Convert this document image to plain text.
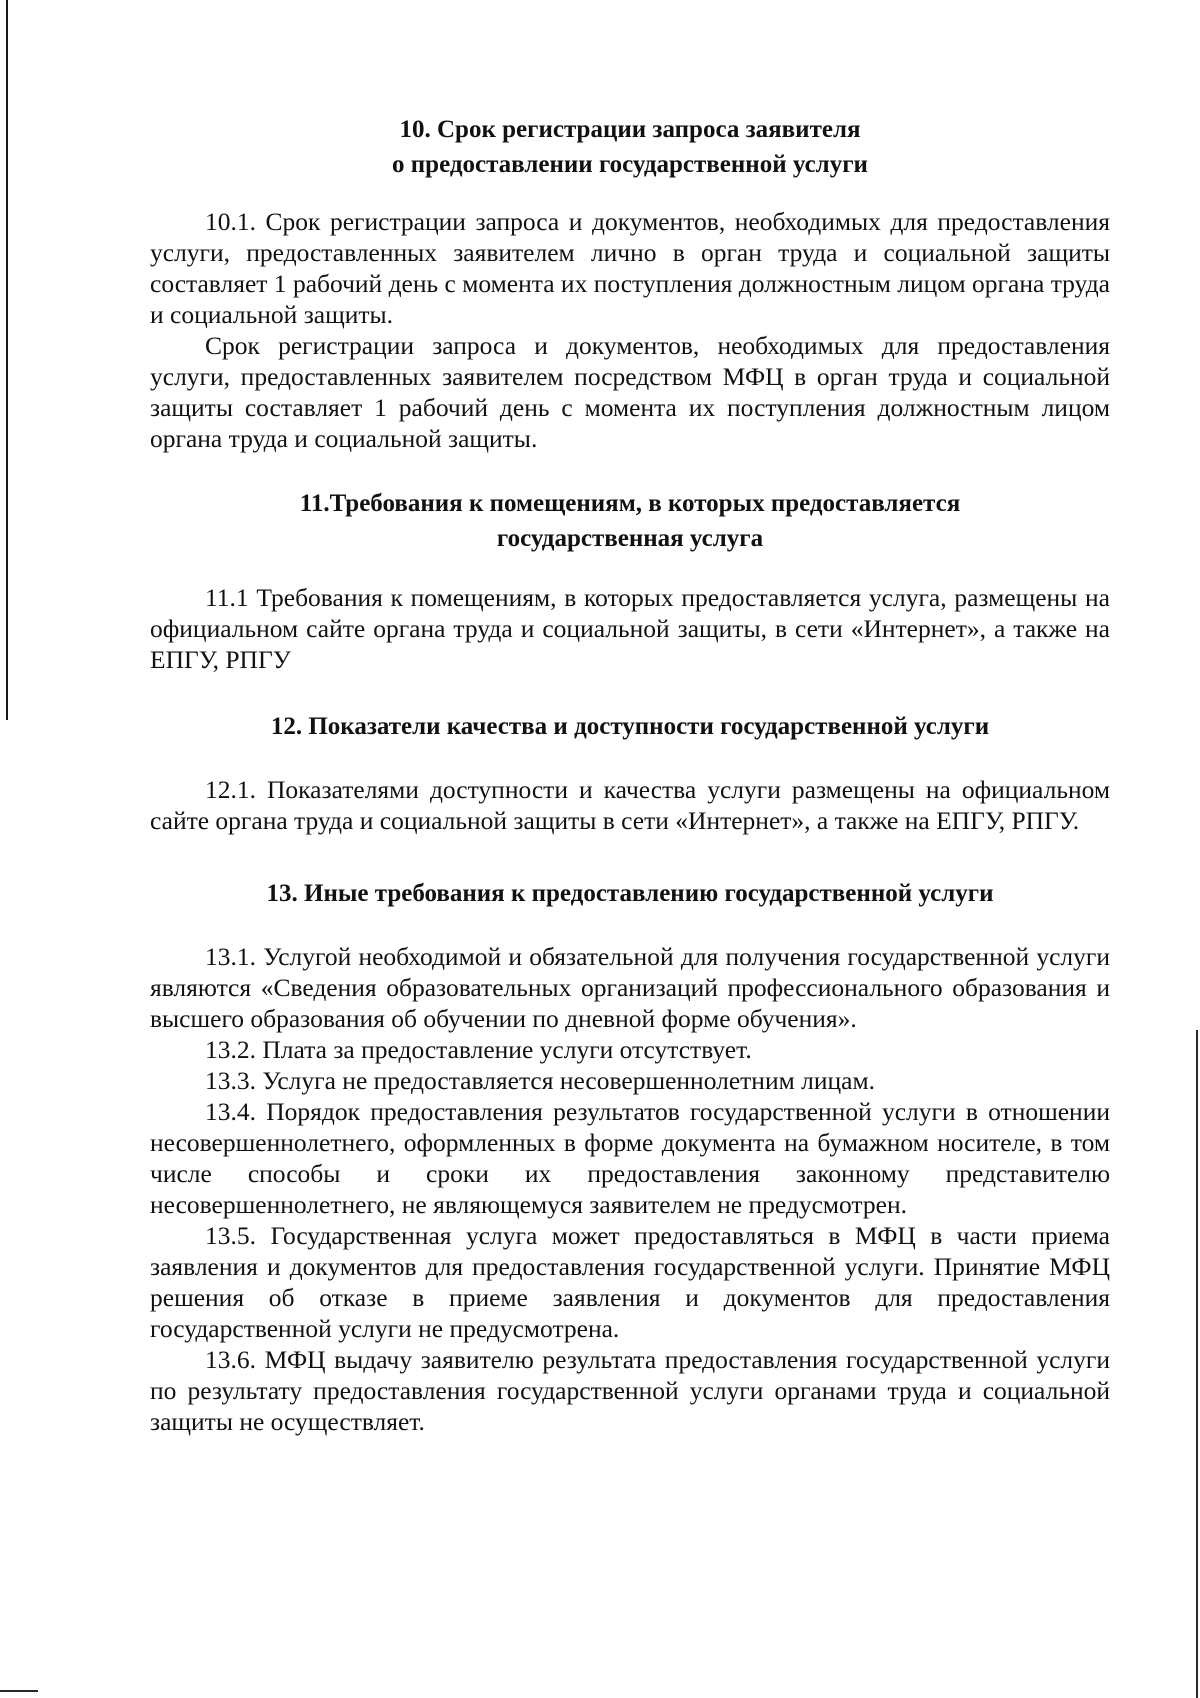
10. Срок регистрации запроса заявителя
о предоставлении государственной услуги

10.1. Срок регистрации запроса и документов, необходимых для предоставления услуги, предоставленных заявителем лично в орган труда и социальной защиты составляет 1 рабочий день с момента их поступления должностным лицом органа труда и социальной защиты.

Срок регистрации запроса и документов, необходимых для предоставления услуги, предоставленных заявителем посредством МФЦ в орган труда и социальной защиты составляет 1 рабочий день с момента их поступления должностным лицом органа труда и социальной защиты.

11.Требования к помещениям, в которых предоставляется
государственная услуга

11.1 Требования к помещениям, в которых предоставляется услуга, размещены на официальном сайте органа труда и социальной защиты, в сети «Интернет», а также на ЕПГУ, РПГУ

12. Показатели качества и доступности государственной услуги

12.1. Показателями доступности и качества услуги размещены на официальном сайте органа труда и социальной защиты в сети «Интернет», а также на ЕПГУ, РПГУ.

13. Иные требования к предоставлению государственной услуги

13.1. Услугой необходимой и обязательной для получения государственной услуги являются «Сведения образовательных организаций профессионального образования и высшего образования об обучении по дневной форме обучения».

13.2. Плата за предоставление услуги отсутствует.

13.3. Услуга не предоставляется несовершеннолетним лицам.

13.4. Порядок предоставления результатов государственной услуги в отношении несовершеннолетнего, оформленных в форме документа на бумажном носителе, в том числе способы и сроки их предоставления законному представителю несовершеннолетнего, не являющемуся заявителем не предусмотрен.

13.5. Государственная услуга может предоставляться в МФЦ в части приема заявления и документов для предоставления государственной услуги. Принятие МФЦ решения об отказе в приеме заявления и документов для предоставления государственной услуги не предусмотрена.

13.6. МФЦ выдачу заявителю результата предоставления государственной услуги по результату предоставления государственной услуги органами труда и социальной защиты не осуществляет.
